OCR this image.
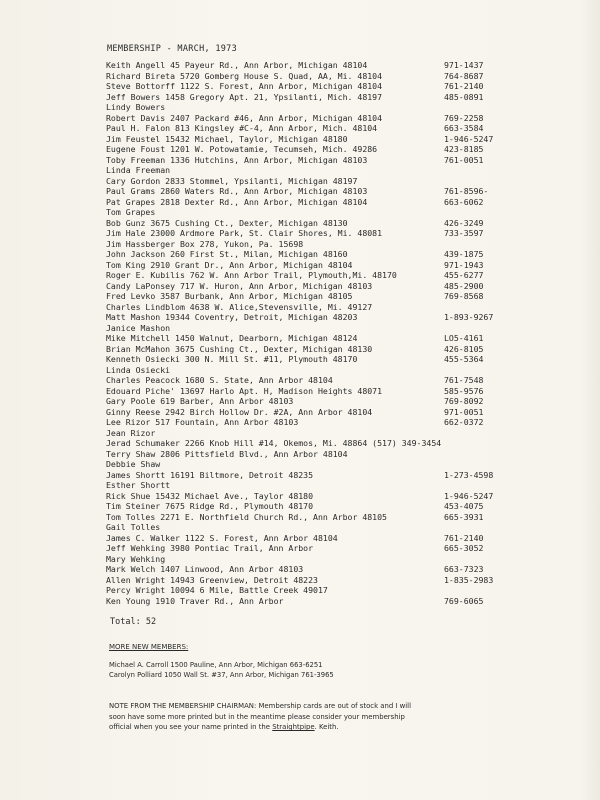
MEMBERSHIP - MARCH, 1973
Keith Angell 45 Payeur Rd., Ann Arbor, Michigan 48104	971-1437
Richard Bireta 5720 Gomberg House S. Quad, AA, Mi. 48104	764-8687
Steve Bottorff 1122 S. Forest, Ann Arbor, Michigan 48104	761-2140
Jeff Bowers 1458 Gregory Apt. 21, Ypsilanti, Mich. 48197	485-0891
Lindy Bowers
Robert Davis 2407 Packard #46, Ann Arbor, Michigan 48104	769-2258
Paul H. Falon 813 Kingsley #C-4, Ann Arbor, Mich. 48104	663-3584
Jim Feustel 15432 Michael, Taylor, Michigan 48180	1-946-5247
Eugene Foust 1201 W. Potowatamie, Tecumseh, Mich. 49286	423-8185
Toby Freeman 1336 Hutchins, Ann Arbor, Michigan 48103	761-0051
Linda Freeman
Cary Gordon 2833 Stommel, Ypsilanti, Michigan 48197
Paul Grams 2860 Waters Rd., Ann Arbor, Michigan 48103	761-8596-
Pat Grapes 2818 Dexter Rd., Ann Arbor, Michigan 48104	663-6062
Tom Grapes
Bob Gunz 3675 Cushing Ct., Dexter, Michigan 48130	426-3249
Jim Hale 23000 Ardmore Park, St. Clair Shores, Mi. 48081	733-3597
Jim Hassberger Box 278, Yukon, Pa. 15698
John Jackson 260 First St., Milan, Michigan 48160	439-1875
Tom King 2910 Grant Dr., Ann Arbor, Michigan 48104	971-1943
Roger E. Kubilis 762 W. Ann Arbor Trail, Plymouth,Mi. 48170	455-6277
Candy LaPonsey 717 W. Huron, Ann Arbor, Michigan 48103	485-2900
Fred Levko 3587 Burbank, Ann Arbor, Michigan 48105	769-8568
Charles Lindblom 4638 W. Alice,Stevensville, Mi. 49127
Matt Mashon 19344 Coventry, Detroit, Michigan 48203	1-893-9267
Janice Mashon
Mike Mitchell 1450 Walnut, Dearborn, Michigan 48124	LO5-4161
Brian McMahon 3675 Cushing Ct., Dexter, Michigan 48130	426-8105
Kenneth Osiecki 300 N. Mill St. #11, Plymouth 48170	455-5364
Linda Osiecki
Charles Peacock 1680 S. State, Ann Arbor 48104	761-7548
Edouard Piche' 13697 Harlo Apt. H, Madison Heights 48071	585-9576
Gary Poole 619 Barber, Ann Arbor 48103	769-8092
Ginny Reese 2942 Birch Hollow Dr. #2A, Ann Arbor 48104	971-0051
Lee Rizor 517 Fountain, Ann Arbor 48103	662-0372
Jean Rizor
Jerad Schumaker 2266 Knob Hill #14, Okemos, Mi. 48864 (517) 349-3454
Terry Shaw 2806 Pittsfield Blvd., Ann Arbor 48104
Debbie Shaw
James Shortt 16191 Biltmore, Detroit 48235	1-273-4598
Esther Shortt
Rick Shue 15432 Michael Ave., Taylor 48180	1-946-5247
Tim Steiner 7675 Ridge Rd., Plymouth 48170	453-4075
Tom Tolles 2271 E. Northfield Church Rd., Ann Arbor 48105	665-3931
Gail Tolles
James C. Walker 1122 S. Forest, Ann Arbor 48104	761-2140
Jeff Wehking 3980 Pontiac Trail, Ann Arbor	665-3052
Mary Wehking
Mark Welch 1407 Linwood, Ann Arbor 48103	663-7323
Allen Wright 14943 Greenview, Detroit 48223	1-835-2983
Percy Wright 10094 6 Mile, Battle Creek 49017
Ken Young 1910 Traver Rd., Ann Arbor	769-6065
Total: 52
MORE NEW MEMBERS:
Michael A. Carroll 1500 Pauline, Ann Arbor, Michigan 663-6251
Carolyn Polliard 1050 Wall St. #37, Ann Arbor, Michigan 761-3965
NOTE FROM THE MEMBERSHIP CHAIRMAN: Membership cards are out of stock and I will
soon have some more printed but in the meantime please consider your membership
official when you see your name printed in the Straightpipe. Keith.
